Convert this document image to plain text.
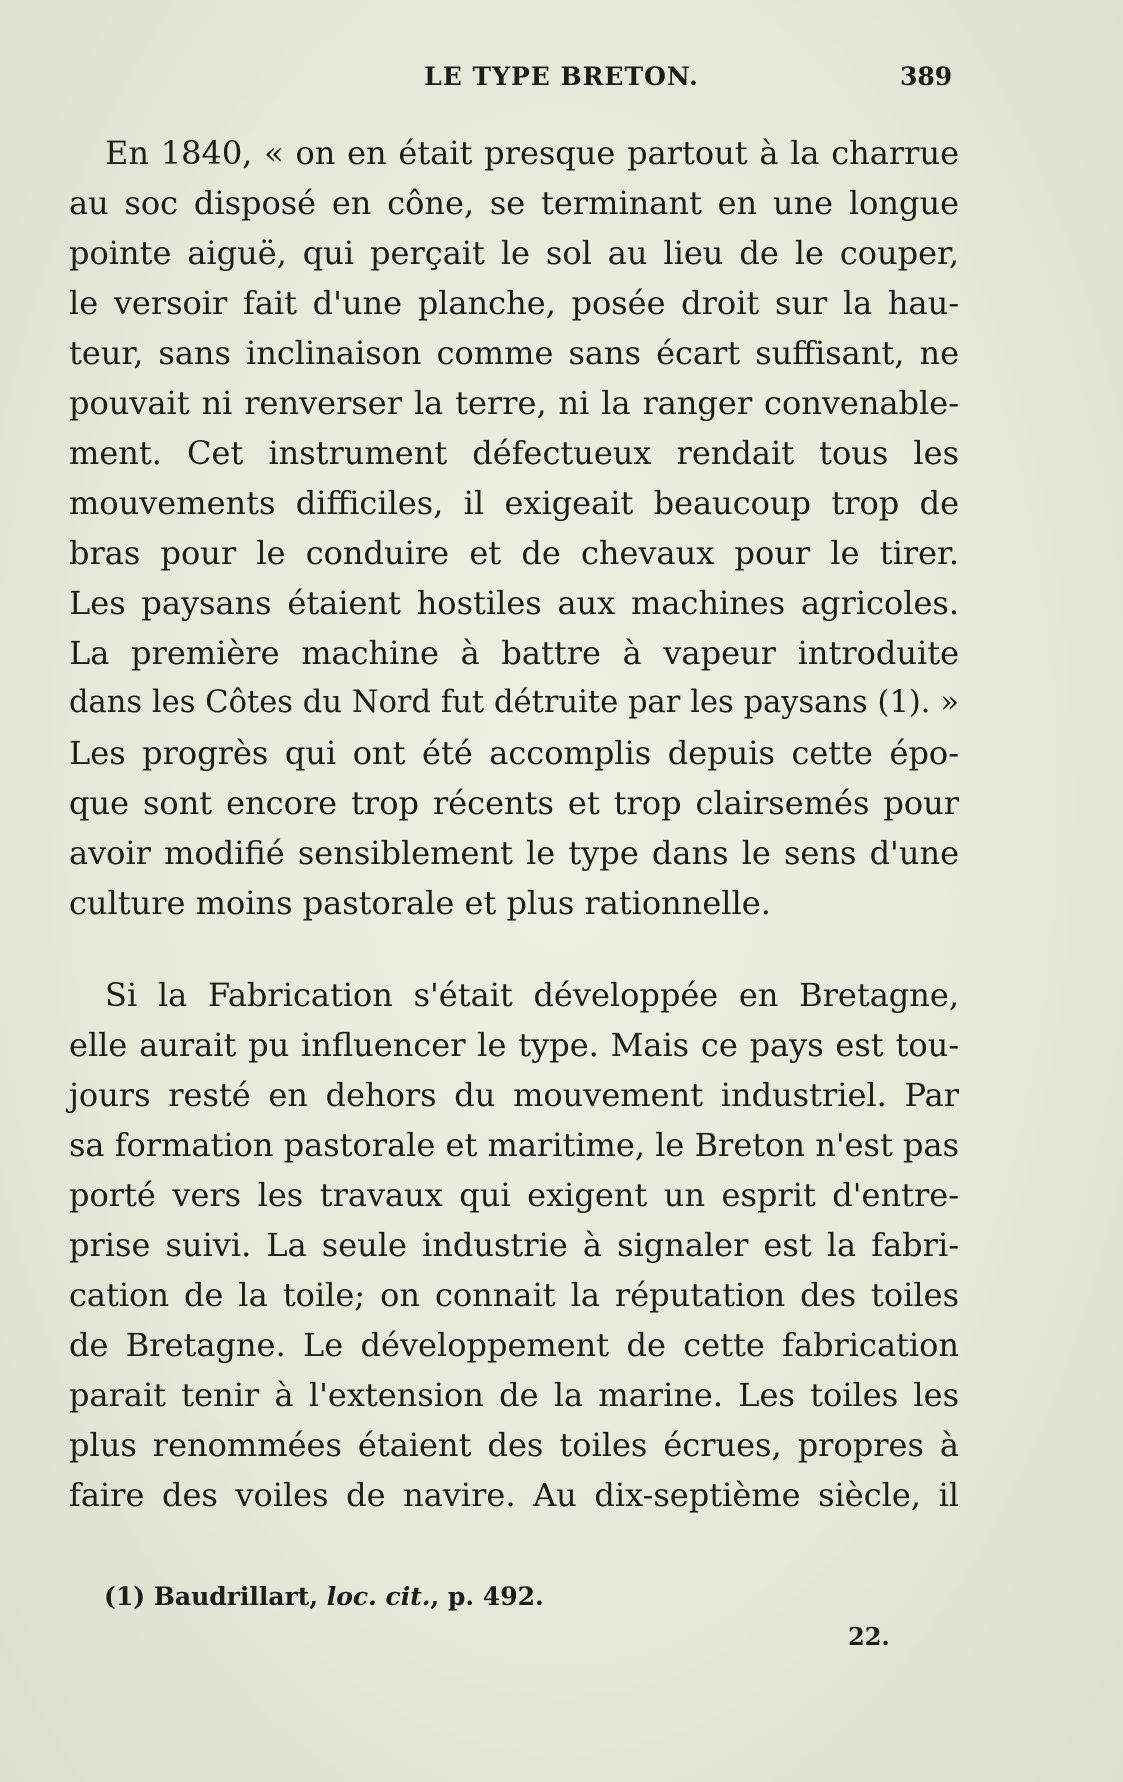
LE TYPE BRETON.	389
En 1840, « on en était presque partout à la charrue
au soc disposé en cône, se terminant en une longue
pointe aiguë, qui perçait le sol au lieu de le couper,
le versoir fait d'une planche, posée droit sur la hau-
teur, sans inclinaison comme sans écart suffisant, ne
pouvait ni renverser la terre, ni la ranger convenable-
ment. Cet instrument défectueux rendait tous les
mouvements difficiles, il exigeait beaucoup trop de
bras pour le conduire et de chevaux pour le tirer.
Les paysans étaient hostiles aux machines agricoles.
La première machine à battre à vapeur introduite
dans les Côtes du Nord fut détruite par les paysans (1). »
Les progrès qui ont été accomplis depuis cette épo-
que sont encore trop récents et trop clairsemés pour
avoir modifié sensiblement le type dans le sens d'une
culture moins pastorale et plus rationnelle.
Si la Fabrication s'était développée en Bretagne,
elle aurait pu influencer le type. Mais ce pays est tou-
jours resté en dehors du mouvement industriel. Par
sa formation pastorale et maritime, le Breton n'est pas
porté vers les travaux qui exigent un esprit d'entre-
prise suivi. La seule industrie à signaler est la fabri-
cation de la toile; on connait la réputation des toiles
de Bretagne. Le développement de cette fabrication
parait tenir à l'extension de la marine. Les toiles les
plus renommées étaient des toiles écrues, propres à
faire des voiles de navire. Au dix-septième siècle, il
(1) Baudrillart, loc. cit., p. 492.
22.
